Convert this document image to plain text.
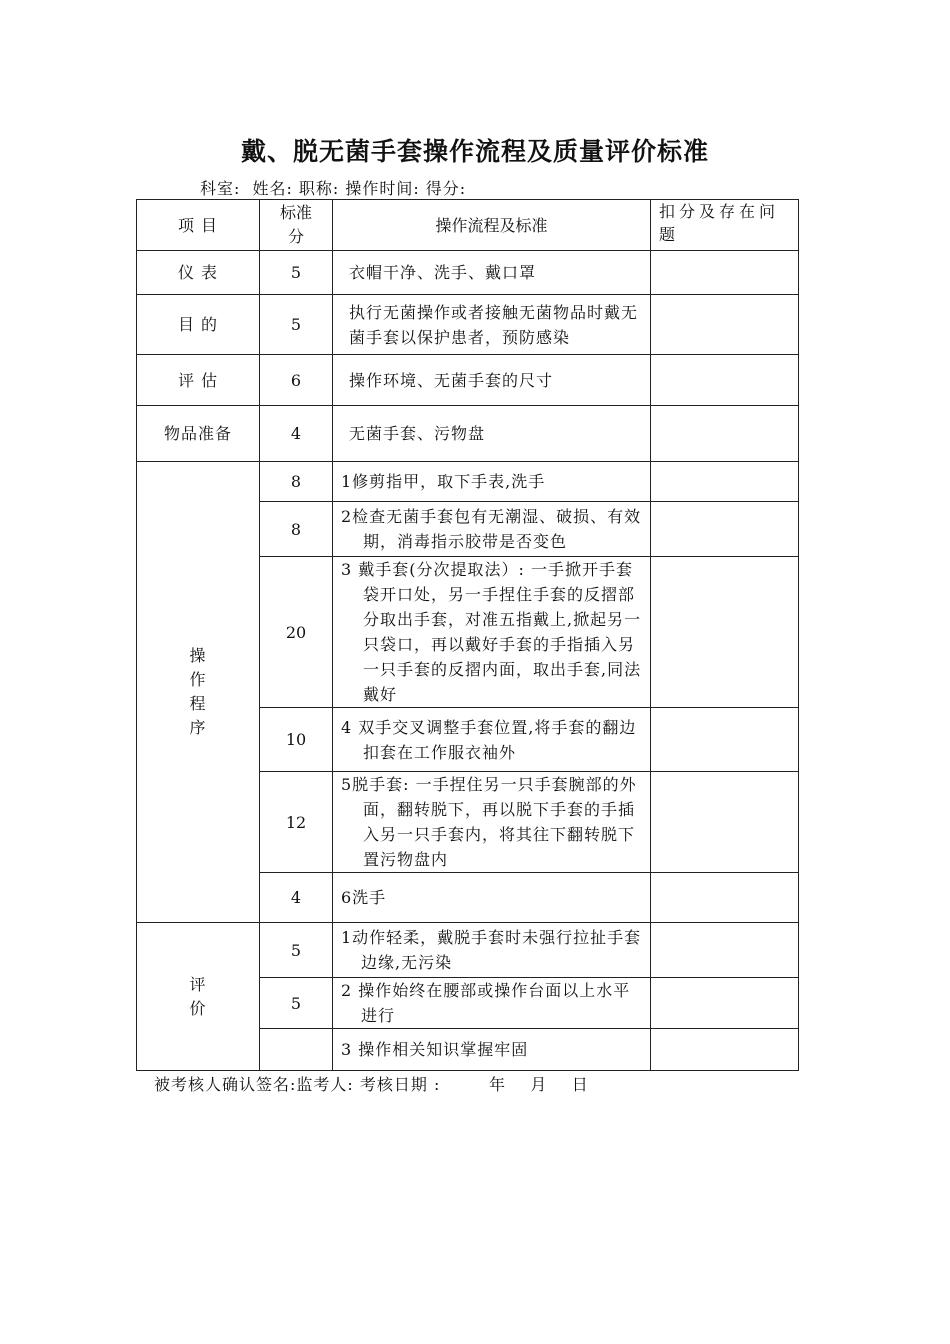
戴、脱无菌手套操作流程及质量评价标准
科室: 姓名: 职称: 操作时间: 得分:
项 目	标准分	操作流程及标准	扣分及存在问题
仪 表	5	衣帽干净、洗手、戴口罩	
目 的	5	执行无菌操作或者接触无菌物品时戴无菌手套以保护患者，预防感染	
评 估	6	操作环境、无菌手套的尺寸	
物品准备	4	无菌手套、污物盘	
操作程序	8	1修剪指甲，取下手表,洗手	

	8	2检查无菌手套包有无潮湿、破损、有效期，消毒指示胶带是否变色	

	20	3 戴手套(分次提取法）: 一手掀开手套袋开口处，另一手捏住手套的反摺部分取出手套，对准五指戴上,掀起另一只袋口，再以戴好手套的手指插入另一只手套的反摺内面，取出手套,同法戴好	

	10	4 双手交叉调整手套位置,将手套的翻边扣套在工作服衣袖外	

	12	5脱手套: 一手捏住另一只手套腕部的外面，翻转脱下，再以脱下手套的手插入另一只手套内，将其往下翻转脱下置污物盘内	

	4	6洗手	

评价	5	1动作轻柔，戴脱手套时未强行拉扯手套边缘,无污染	

	5	2 操作始终在腰部或操作台面以上水平进行	

		3 操作相关知识掌握牢固	

被考核人确认签名:监考人: 考核日期 :        年    月    日
